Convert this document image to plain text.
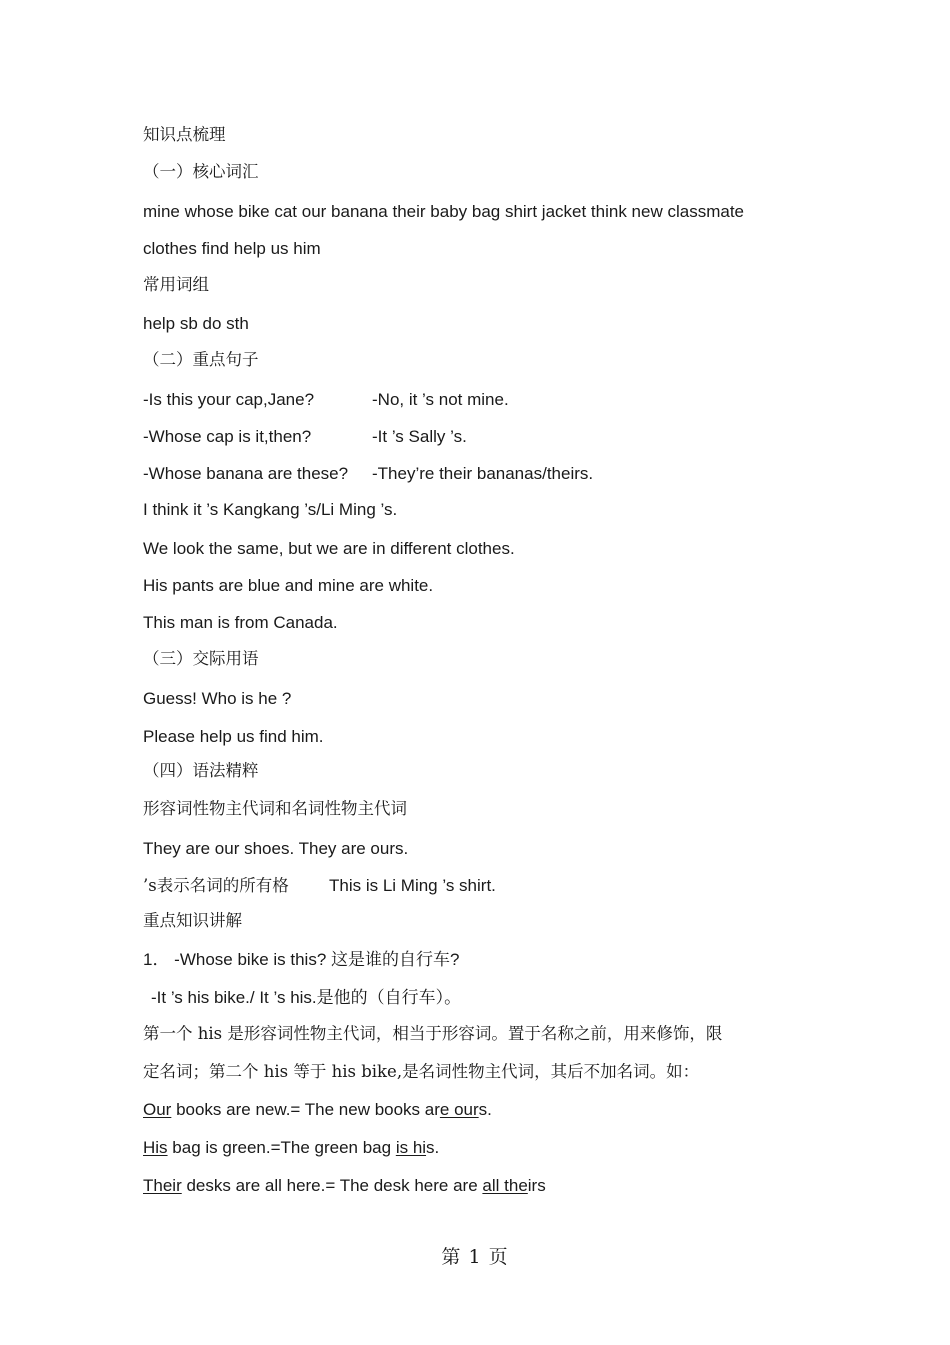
知识点梳理
（一）核心词汇
mine whose bike cat our banana their baby bag shirt jacket think new classmate
clothes find help us him
常用词组
help sb do sth
（二）重点句子
-Is this your cap,Jane?	-No, it ’s not mine.
-Whose cap is it,then?	-It ’s Sally ’s.
-Whose banana are these? -They’re their bananas/theirs.
I think it ’s Kangkang ’s/Li Ming ’s.
We look the same, but we are in different clothes.
His pants are blue and mine are white.
This man is from Canada.
（三）交际用语
Guess! Who is he ?
Please help us find him.
（四）语法精粹
形容词性物主代词和名词性物主代词
They are our shoes. They are ours.
’s表示名词的所有格 This is Li Ming ’s shirt.
重点知识讲解
1． -Whose bike is this? 这是谁的自行车?
-It ’s his bike./ It ’s his.是他的（自行车）。
第一个 his 是形容词性物主代词，相当于形容词。置于名称之前，用来修饰，限
定名词；第二个 his 等于 his bike,是名词性物主代词，其后不加名词。如：
Our books are new.= The new books are ours.
His bag is green.=The green bag is his.
Their desks are all here.= The desk here are all theirs
第 1 页
